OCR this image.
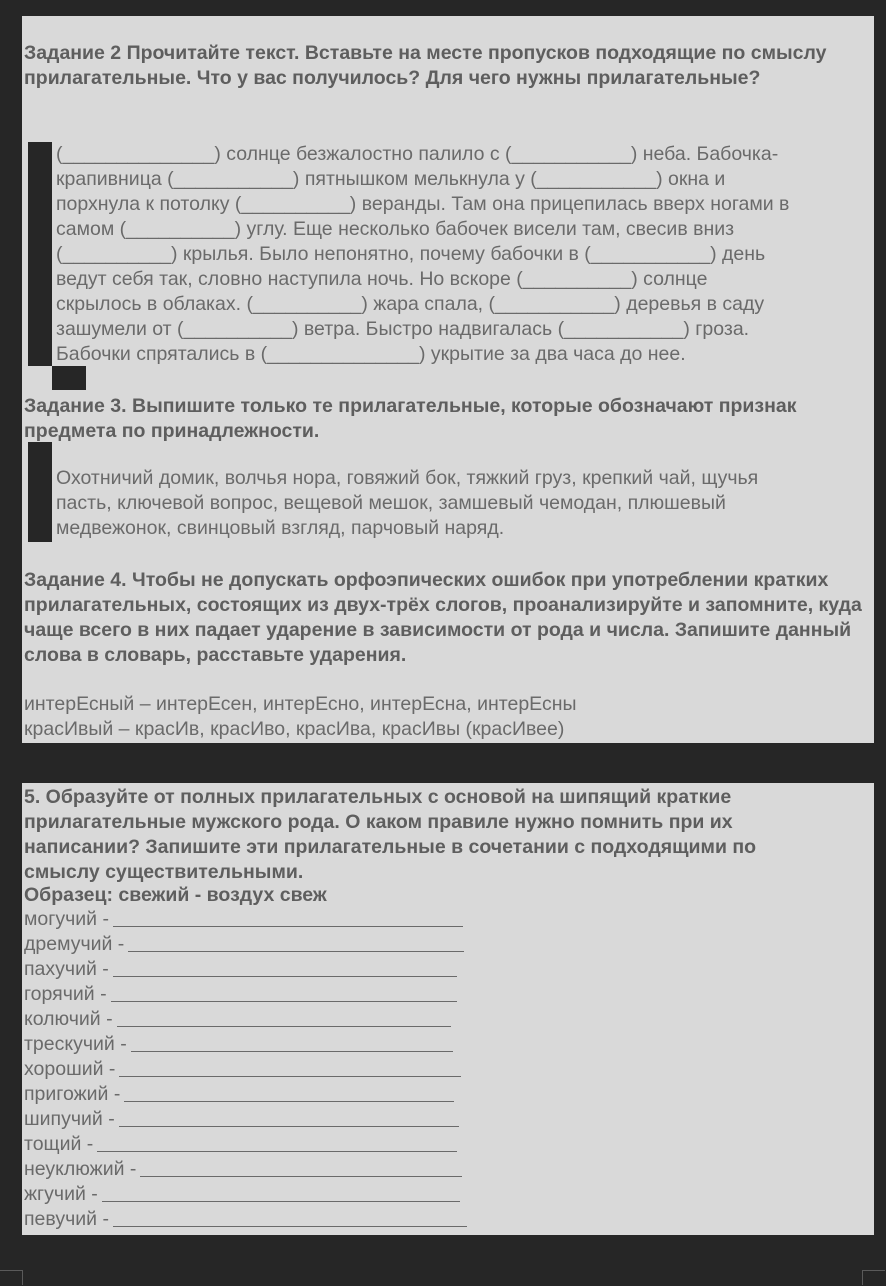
Задание 2 Прочитайте текст. Вставьте на месте пропусков подходящие по смыслу прилагательные. Что у вас получилось? Для чего нужны прилагательные?
(______________) солнце безжалостно палило с (___________) неба. Бабочка-
крапивница (___________) пятнышком мелькнула у (___________) окна и
порхнула к потолку (__________) веранды. Там она прицепилась вверх ногами в
самом (__________) углу. Еще несколько бабочек висели там, свесив вниз
(__________) крылья. Было непонятно, почему бабочки в (___________) день
ведут себя так, словно наступила ночь. Но вскоре (__________) солнце
скрылось в облаках. (__________) жара спала, (___________) деревья в саду
зашумели от (__________) ветра. Быстро надвигалась (___________) гроза.
Бабочки спрятались в (______________) укрытие за два часа до нее.
Задание 3. Выпишите только те прилагательные, которые обозначают признак предмета по принадлежности.
Охотничий домик, волчья нора, говяжий бок, тяжкий груз, крепкий чай, щучья
пасть, ключевой вопрос, вещевой мешок, замшевый чемодан, плюшевый
медвежонок, свинцовый взгляд, парчовый наряд.
Задание 4. Чтобы не допускать орфоэпических ошибок при употреблении кратких прилагательных, состоящих из двух-трёх слогов, проанализируйте и запомните, куда чаще всего в них падает ударение в зависимости от рода и числа. Запишите данный слова в словарь, расставьте ударения.
интерЕсный – интерЕсен, интерЕсно, интерЕсна, интерЕсны
красИвый – красИв, красИво, красИва, красИвы (красИвее)
5. Образуйте от полных прилагательных с основой на шипящий краткие прилагательные мужского рода. О каком правиле нужно помнить при их написании? Запишите эти прилагательные в сочетании с подходящими по смыслу существительными.
Образец: свежий - воздух свеж
могучий -
дремучий -
пахучий -
горячий -
колючий -
трескучий -
хороший -
пригожий -
шипучий -
тощий -
неуклюжий -
жгучий -
певучий -
